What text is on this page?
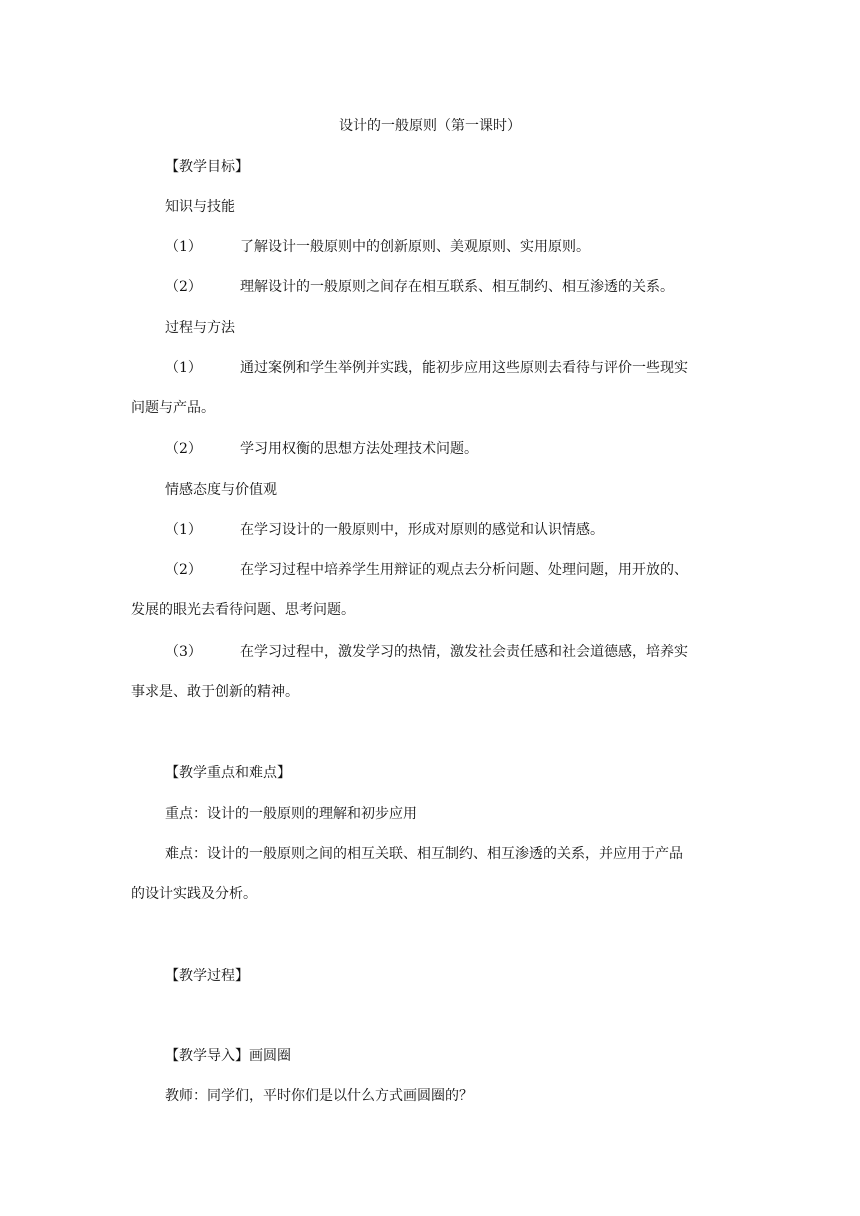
设计的一般原则（第一课时）
【教学目标】
知识与技能
（1）	了解设计一般原则中的创新原则、美观原则、实用原则。
（2）	理解设计的一般原则之间存在相互联系、相互制约、相互渗透的关系。
过程与方法
（1）	通过案例和学生举例并实践，能初步应用这些原则去看待与评价一些现实
问题与产品。
（2）	学习用权衡的思想方法处理技术问题。
情感态度与价值观
（1）	在学习设计的一般原则中，形成对原则的感觉和认识情感。
（2）	在学习过程中培养学生用辩证的观点去分析问题、处理问题，用开放的、
发展的眼光去看待问题、思考问题。
（3）	在学习过程中，激发学习的热情，激发社会责任感和社会道德感，培养实
事求是、敢于创新的精神。
【教学重点和难点】
重点：设计的一般原则的理解和初步应用
难点：设计的一般原则之间的相互关联、相互制约、相互渗透的关系，并应用于产品
的设计实践及分析。
【教学过程】
【教学导入】画圆圈
教师：同学们，平时你们是以什么方式画圆圈的？
